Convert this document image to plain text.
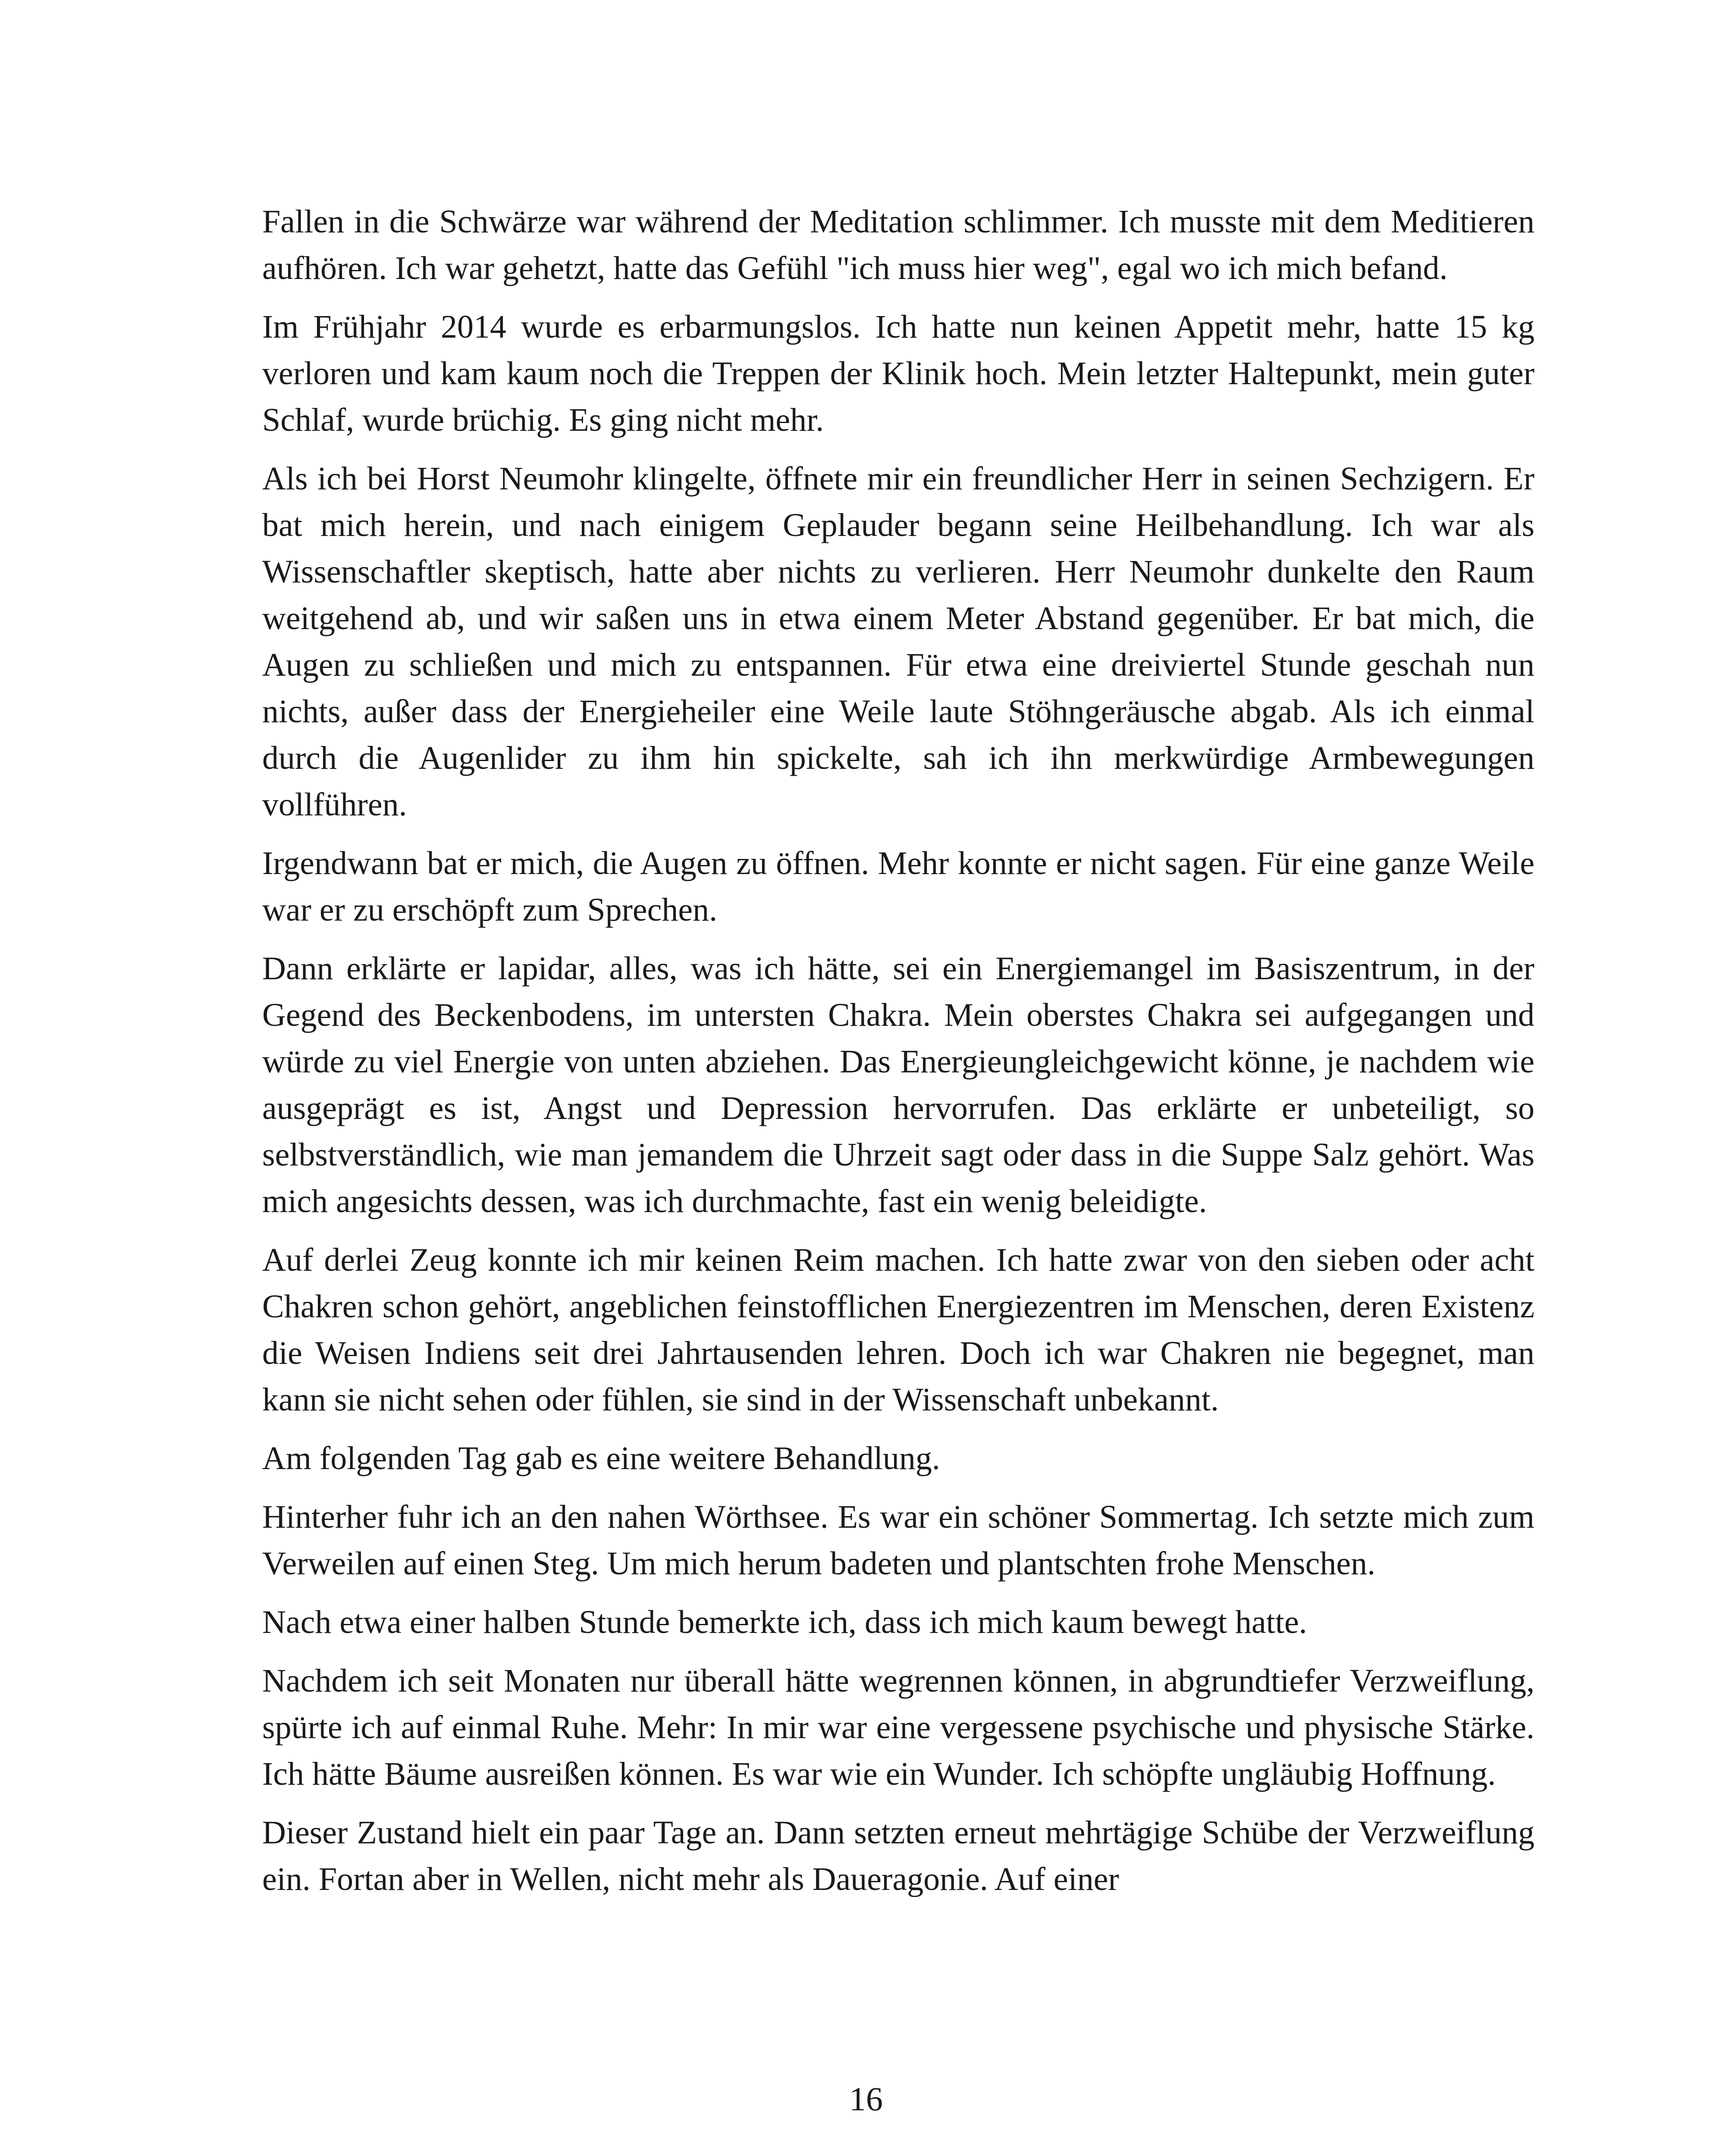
Fallen in die Schwärze war während der Meditation schlimmer. Ich musste mit dem Meditieren aufhören. Ich war gehetzt, hatte das Gefühl "ich muss hier weg", egal wo ich mich befand.

Im Frühjahr 2014 wurde es erbarmungslos. Ich hatte nun keinen Appetit mehr, hatte 15 kg verloren und kam kaum noch die Treppen der Klinik hoch. Mein letzter Haltepunkt, mein guter Schlaf, wurde brüchig. Es ging nicht mehr.

Als ich bei Horst Neumohr klingelte, öffnete mir ein freundlicher Herr in seinen Sechzigern. Er bat mich herein, und nach einigem Geplauder begann seine Heilbehandlung. Ich war als Wissenschaftler skeptisch, hatte aber nichts zu verlieren. Herr Neumohr dunkelte den Raum weitgehend ab, und wir saßen uns in etwa einem Meter Abstand gegenüber. Er bat mich, die Augen zu schließen und mich zu entspannen. Für etwa eine dreiviertel Stunde geschah nun nichts, außer dass der Energieheiler eine Weile laute Stöhngeräusche abgab. Als ich einmal durch die Augenlider zu ihm hin spickelte, sah ich ihn merkwürdige Armbewegungen vollführen.

Irgendwann bat er mich, die Augen zu öffnen. Mehr konnte er nicht sagen. Für eine ganze Weile war er zu erschöpft zum Sprechen.

Dann erklärte er lapidar, alles, was ich hätte, sei ein Energiemangel im Basiszentrum, in der Gegend des Beckenbodens, im untersten Chakra. Mein oberstes Chakra sei aufgegangen und würde zu viel Energie von unten abziehen. Das Energieungleichgewicht könne, je nachdem wie ausgeprägt es ist, Angst und Depression hervorrufen. Das erklärte er unbeteiligt, so selbstverständlich, wie man jemandem die Uhrzeit sagt oder dass in die Suppe Salz gehört. Was mich angesichts dessen, was ich durchmachte, fast ein wenig beleidigte.

Auf derlei Zeug konnte ich mir keinen Reim machen. Ich hatte zwar von den sieben oder acht Chakren schon gehört, angeblichen feinstofflichen Energiezentren im Menschen, deren Existenz die Weisen Indiens seit drei Jahrtausenden lehren. Doch ich war Chakren nie begegnet, man kann sie nicht sehen oder fühlen, sie sind in der Wissenschaft unbekannt.

Am folgenden Tag gab es eine weitere Behandlung.

Hinterher fuhr ich an den nahen Wörthsee. Es war ein schöner Sommertag. Ich setzte mich zum Verweilen auf einen Steg. Um mich herum badeten und plantschten frohe Menschen.

Nach etwa einer halben Stunde bemerkte ich, dass ich mich kaum bewegt hatte.

Nachdem ich seit Monaten nur überall hätte wegrennen können, in abgrundtiefer Verzweiflung, spürte ich auf einmal Ruhe. Mehr: In mir war eine vergessene psychische und physische Stärke. Ich hätte Bäume ausreißen können. Es war wie ein Wunder. Ich schöpfte ungläubig Hoffnung.

Dieser Zustand hielt ein paar Tage an. Dann setzten erneut mehrtägige Schübe der Verzweiflung ein. Fortan aber in Wellen, nicht mehr als Daueragonie. Auf einer

16
